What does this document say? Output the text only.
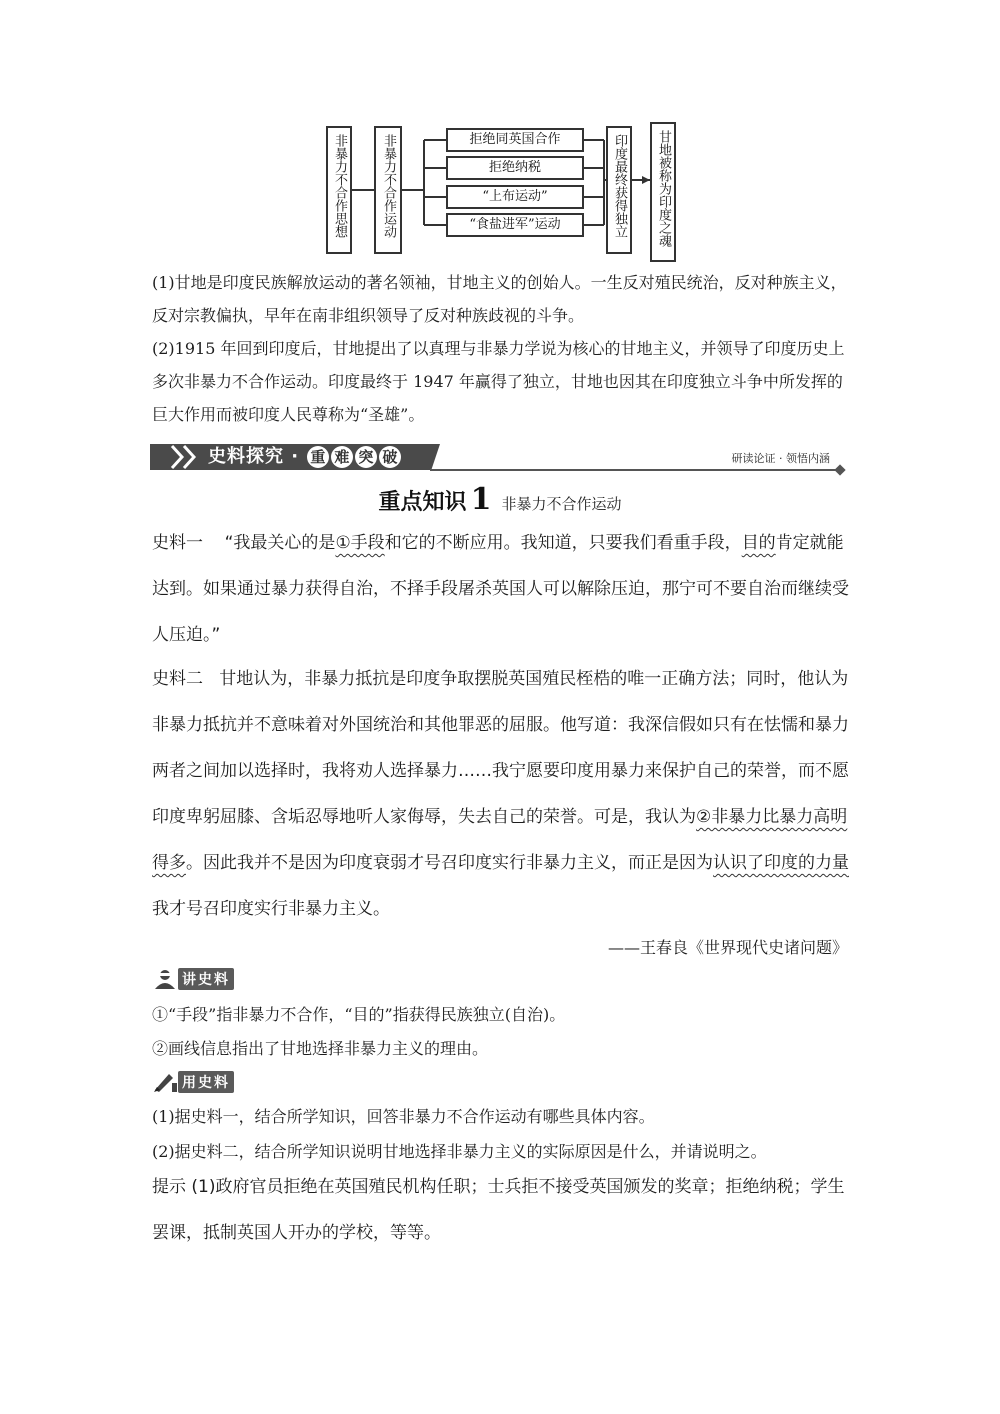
非暴力不合作思想	非暴力不合作运动	拒绝同英国合作
拒绝纳税
“上布运动”
“食盐进军”运动	印度最终获得独立 甘地被称为印度之魂
(1)甘地是印度民族解放运动的著名领袖，甘地主义的创始人。一生反对殖民统治，反对种族主义，反对宗教偏执，早年在南非组织领导了反对种族歧视的斗争。
(2)1915 年回到印度后，甘地提出了以真理与非暴力学说为核心的甘地主义，并领导了印度历史上多次非暴力不合作运动。印度最终于 1947 年赢得了独立，甘地也因其在印度独立斗争中所发挥的巨大作用而被印度人民尊称为“圣雄”。
史料探究 · 重 难 突 破	研读论证 · 领悟内涵
重点知识 1 非暴力不合作运动
史料一 “我最关心的是①手段和它的不断应用。我知道，只要我们看重手段，目的肯定就能达到。如果通过暴力获得自治，不择手段屠杀英国人可以解除压迫，那宁可不要自治而继续受人压迫。”
史料二 甘地认为，非暴力抵抗是印度争取摆脱英国殖民桎梏的唯一正确方法；同时，他认为非暴力抵抗并不意味着对外国统治和其他罪恶的屈服。他写道：我深信假如只有在怯懦和暴力两者之间加以选择时，我将劝人选择暴力……我宁愿要印度用暴力来保护自己的荣誉，而不愿印度卑躬屈膝、含垢忍辱地听人家侮辱，失去自己的荣誉。可是，我认为②非暴力比暴力高明得多。因此我并不是因为印度衰弱才号召印度实行非暴力主义，而正是因为认识了印度的力量我才号召印度实行非暴力主义。
——王春良《世界现代史诸问题》
讲史料
①“手段”指非暴力不合作，“目的”指获得民族独立(自治)。
②画线信息指出了甘地选择非暴力主义的理由。
用史料
(1)据史料一，结合所学知识，回答非暴力不合作运动有哪些具体内容。
(2)据史料二，结合所学知识说明甘地选择非暴力主义的实际原因是什么，并请说明之。
提示 (1)政府官员拒绝在英国殖民机构任职；士兵拒不接受英国颁发的奖章；拒绝纳税；学生罢课，抵制英国人开办的学校，等等。
